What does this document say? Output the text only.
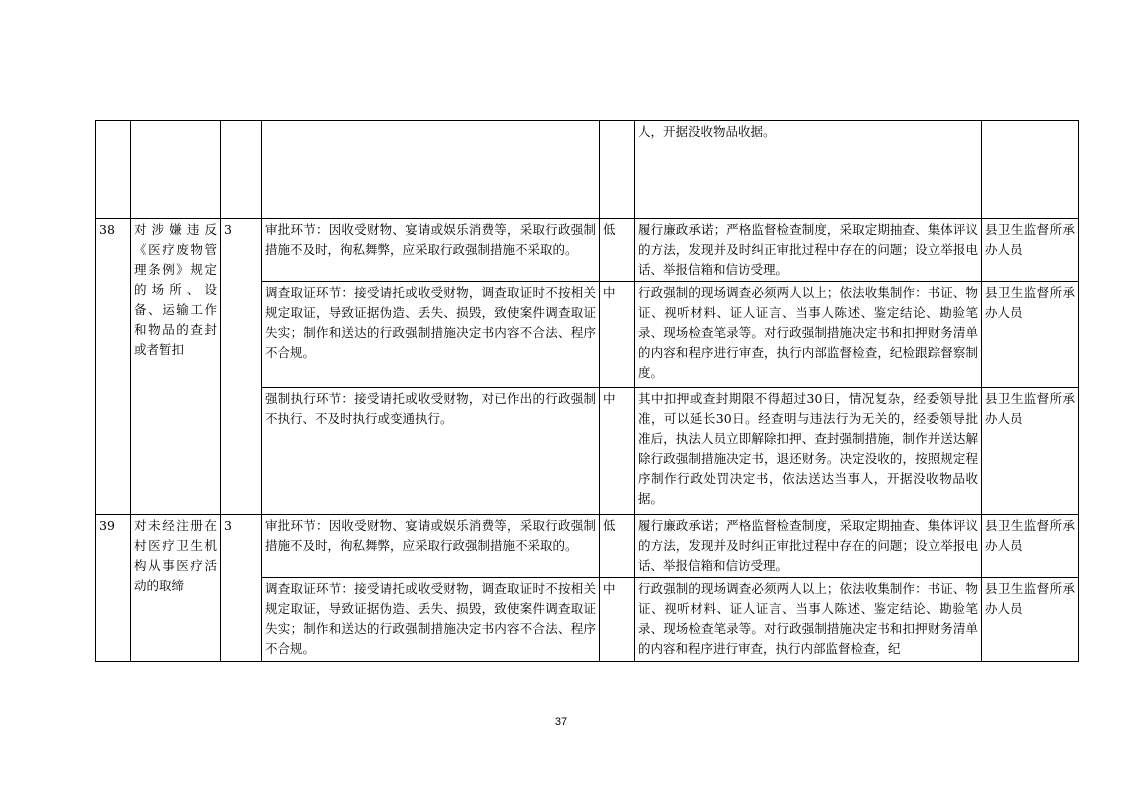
					人，开据没收物品收据。	
38	对涉嫌违反《医疗废物管理条例》规定的场所、设备、运输工作和物品的查封或者暂扣	3	审批环节：因收受财物、宴请或娱乐消费等，采取行政强制措施不及时，徇私舞弊，应采取行政强制措施不采取的。	低	履行廉政承诺；严格监督检查制度，采取定期抽查、集体评议的方法，发现并及时纠正审批过程中存在的问题；设立举报电话、举报信箱和信访受理。	县卫生监督所承办人员
			调查取证环节：接受请托或收受财物，调查取证时不按相关规定取证，导致证据伪造、丢失、损毁，致使案件调查取证失实；制作和送达的行政强制措施决定书内容不合法、程序不合规。	中	行政强制的现场调查必须两人以上；依法收集制作：书证、物证、视听材料、证人证言、当事人陈述、鉴定结论、勘验笔录、现场检查笔录等。对行政强制措施决定书和扣押财务清单的内容和程序进行审查，执行内部监督检查，纪检跟踪督察制度。	县卫生监督所承办人员
			强制执行环节：接受请托或收受财物，对已作出的行政强制不执行、不及时执行或变通执行。	中	其中扣押或查封期限不得超过30日，情况复杂，经委领导批准，可以延长30日。经查明与违法行为无关的，经委领导批准后，执法人员立即解除扣押、查封强制措施，制作并送达解除行政强制措施决定书，退还财务。决定没收的，按照规定程序制作行政处罚决定书，依法送达当事人，开据没收物品收据。	县卫生监督所承办人员
39	对未经注册在村医疗卫生机构从事医疗活动的取缔	3	审批环节：因收受财物、宴请或娱乐消费等，采取行政强制措施不及时，徇私舞弊，应采取行政强制措施不采取的。	低	履行廉政承诺；严格监督检查制度，采取定期抽查、集体评议的方法，发现并及时纠正审批过程中存在的问题；设立举报电话、举报信箱和信访受理。	县卫生监督所承办人员
			调查取证环节：接受请托或收受财物，调查取证时不按相关规定取证，导致证据伪造、丢失、损毁，致使案件调查取证失实；制作和送达的行政强制措施决定书内容不合法、程序不合规。	中	行政强制的现场调查必须两人以上；依法收集制作：书证、物证、视听材料、证人证言、当事人陈述、鉴定结论、勘验笔录、现场检查笔录等。对行政强制措施决定书和扣押财务清单的内容和程序进行审查，执行内部监督检查，纪	县卫生监督所承办人员
37
